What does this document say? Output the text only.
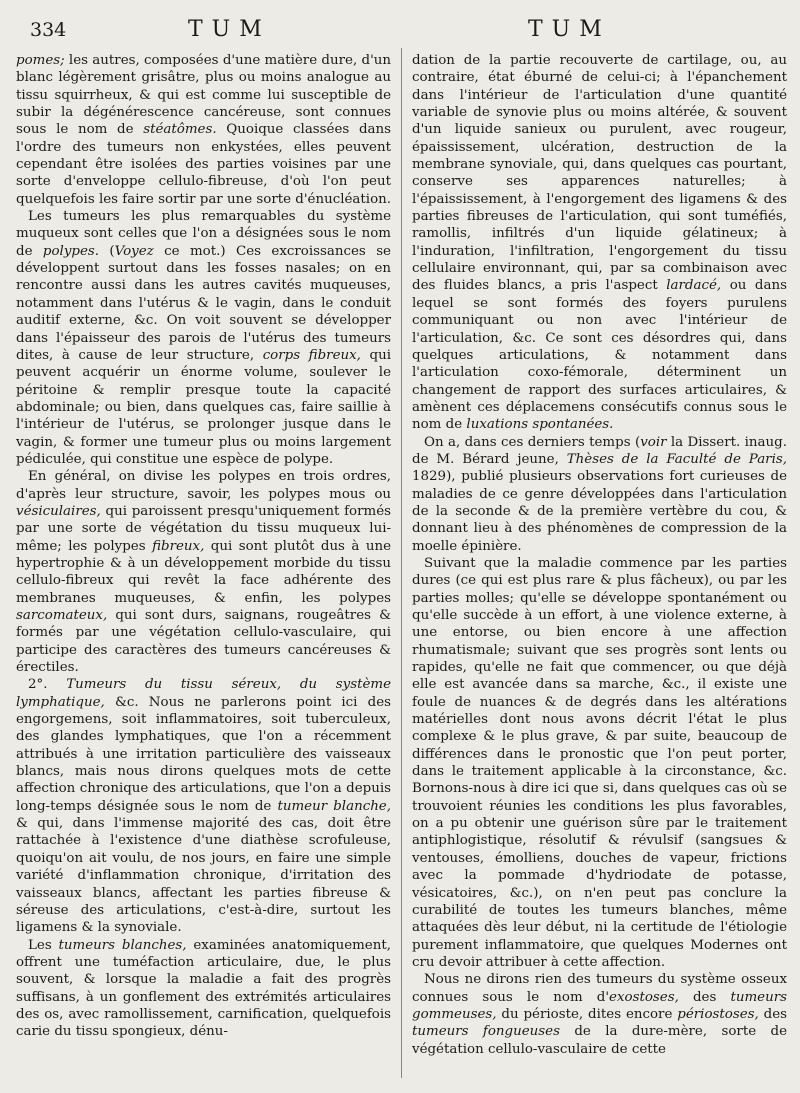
334	TUM	TUM

pomes; les autres, composées d'une matière dure, d'un blanc légèrement grisâtre, plus ou moins analogue au tissu squirrheux, & qui est comme lui susceptible de subir la dégénérescence cancéreuse, sont connues sous le nom de stéatômes. Quoique classées dans l'ordre des tumeurs non enkystées, elles peuvent cependant être isolées des parties voisines par une sorte d'enveloppe cellulo-fibreuse, d'où l'on peut quelquefois les faire sortir par une sorte d'énucléation.

Les tumeurs les plus remarquables du système muqueux sont celles que l'on a désignées sous le nom de polypes. (Voyez ce mot.) Ces excroissances se développent surtout dans les fosses nasales; on en rencontre aussi dans les autres cavités muqueuses, notamment dans l'utérus & le vagin, dans le conduit auditif externe, &c. On voit souvent se développer dans l'épaisseur des parois de l'utérus des tumeurs dites, à cause de leur structure, corps fibreux, qui peuvent acquérir un énorme volume, soulever le péritoine & remplir presque toute la capacité abdominale; ou bien, dans quelques cas, faire saillie à l'intérieur de l'utérus, se prolonger jusque dans le vagin, & former une tumeur plus ou moins largement pédiculée, qui constitue une espèce de polype.

En général, on divise les polypes en trois ordres, d'après leur structure, savoir, les polypes mous ou vésiculaires, qui paroissent presqu'uniquement formés par une sorte de végétation du tissu muqueux lui-même; les polypes fibreux, qui sont plutôt dus à une hypertrophie & à un développement morbide du tissu cellulo-fibreux qui revêt la face adhérente des membranes muqueuses, & enfin, les polypes sarcomateux, qui sont durs, saignans, rougeâtres & formés par une végétation cellulo-vasculaire, qui participe des caractères des tumeurs cancéreuses & érectiles.

2°. Tumeurs du tissu séreux, du système lymphatique, &c. Nous ne parlerons point ici des engorgemens, soit inflammatoires, soit tuberculeux, des glandes lymphatiques, que l'on a récemment attribués à une irritation particulière des vaisseaux blancs, mais nous dirons quelques mots de cette affection chronique des articulations, que l'on a depuis long-temps désignée sous le nom de tumeur blanche, & qui, dans l'immense majorité des cas, doit être rattachée à l'existence d'une diathèse scrofuleuse, quoiqu'on ait voulu, de nos jours, en faire une simple variété d'inflammation chronique, d'irritation des vaisseaux blancs, affectant les parties fibreuse & séreuse des articulations, c'est-à-dire, surtout les ligamens & la synoviale.

Les tumeurs blanches, examinées anatomiquement, offrent une tuméfaction articulaire, due, le plus souvent, & lorsque la maladie a fait des progrès suffisans, à un gonflement des extrémités articulaires des os, avec ramollissement, carnification, quelquefois carie du tissu spongieux, dénu-

dation de la partie recouverte de cartilage, ou, au contraire, état éburné de celui-ci; à l'épanchement dans l'intérieur de l'articulation d'une quantité variable de synovie plus ou moins altérée, & souvent d'un liquide sanieux ou purulent, avec rougeur, épaississement, ulcération, destruction de la membrane synoviale, qui, dans quelques cas pourtant, conserve ses apparences naturelles; à l'épaississement, à l'engorgement des ligamens & des parties fibreuses de l'articulation, qui sont tuméfiés, ramollis, infiltrés d'un liquide gélatineux; à l'induration, l'infiltration, l'engorgement du tissu cellulaire environnant, qui, par sa combinaison avec des fluides blancs, a pris l'aspect lardacé, ou dans lequel se sont formés des foyers purulens communiquant ou non avec l'intérieur de l'articulation, &c. Ce sont ces désordres qui, dans quelques articulations, & notamment dans l'articulation coxo-fémorale, déterminent un changement de rapport des surfaces articulaires, & amènent ces déplacemens consécutifs connus sous le nom de luxations spontanées.

On a, dans ces derniers temps (voir la Dissert. inaug. de M. Bérard jeune, Thèses de la Faculté de Paris, 1829), publié plusieurs observations fort curieuses de maladies de ce genre développées dans l'articulation de la seconde & de la première vertèbre du cou, & donnant lieu à des phénomènes de compression de la moelle épinière.

Suivant que la maladie commence par les parties dures (ce qui est plus rare & plus fâcheux), ou par les parties molles; qu'elle se développe spontanément ou qu'elle succède à un effort, à une violence externe, à une entorse, ou bien encore à une affection rhumatismale; suivant que ses progrès sont lents ou rapides, qu'elle ne fait que commencer, ou que déjà elle est avancée dans sa marche, &c., il existe une foule de nuances & de degrés dans les altérations matérielles dont nous avons décrit l'état le plus complexe & le plus grave, & par suite, beaucoup de différences dans le pronostic que l'on peut porter, dans le traitement applicable à la circonstance, &c. Bornons-nous à dire ici que si, dans quelques cas où se trouvoient réunies les conditions les plus favorables, on a pu obtenir une guérison sûre par le traitement antiphlogistique, résolutif & révulsif (sangsues & ventouses, émolliens, douches de vapeur, frictions avec la pommade d'hydriodate de potasse, vésicatoires, &c.), on n'en peut pas conclure la curabilité de toutes les tumeurs blanches, même attaquées dès leur début, ni la certitude de l'étiologie purement inflammatoire, que quelques Modernes ont cru devoir attribuer à cette affection.

Nous ne dirons rien des tumeurs du système osseux connues sous le nom d'exostoses, des tumeurs gommeuses, du périoste, dites encore périostoses, des tumeurs fongueuses de la dure-mère, sorte de végétation cellulo-vasculaire de cette
